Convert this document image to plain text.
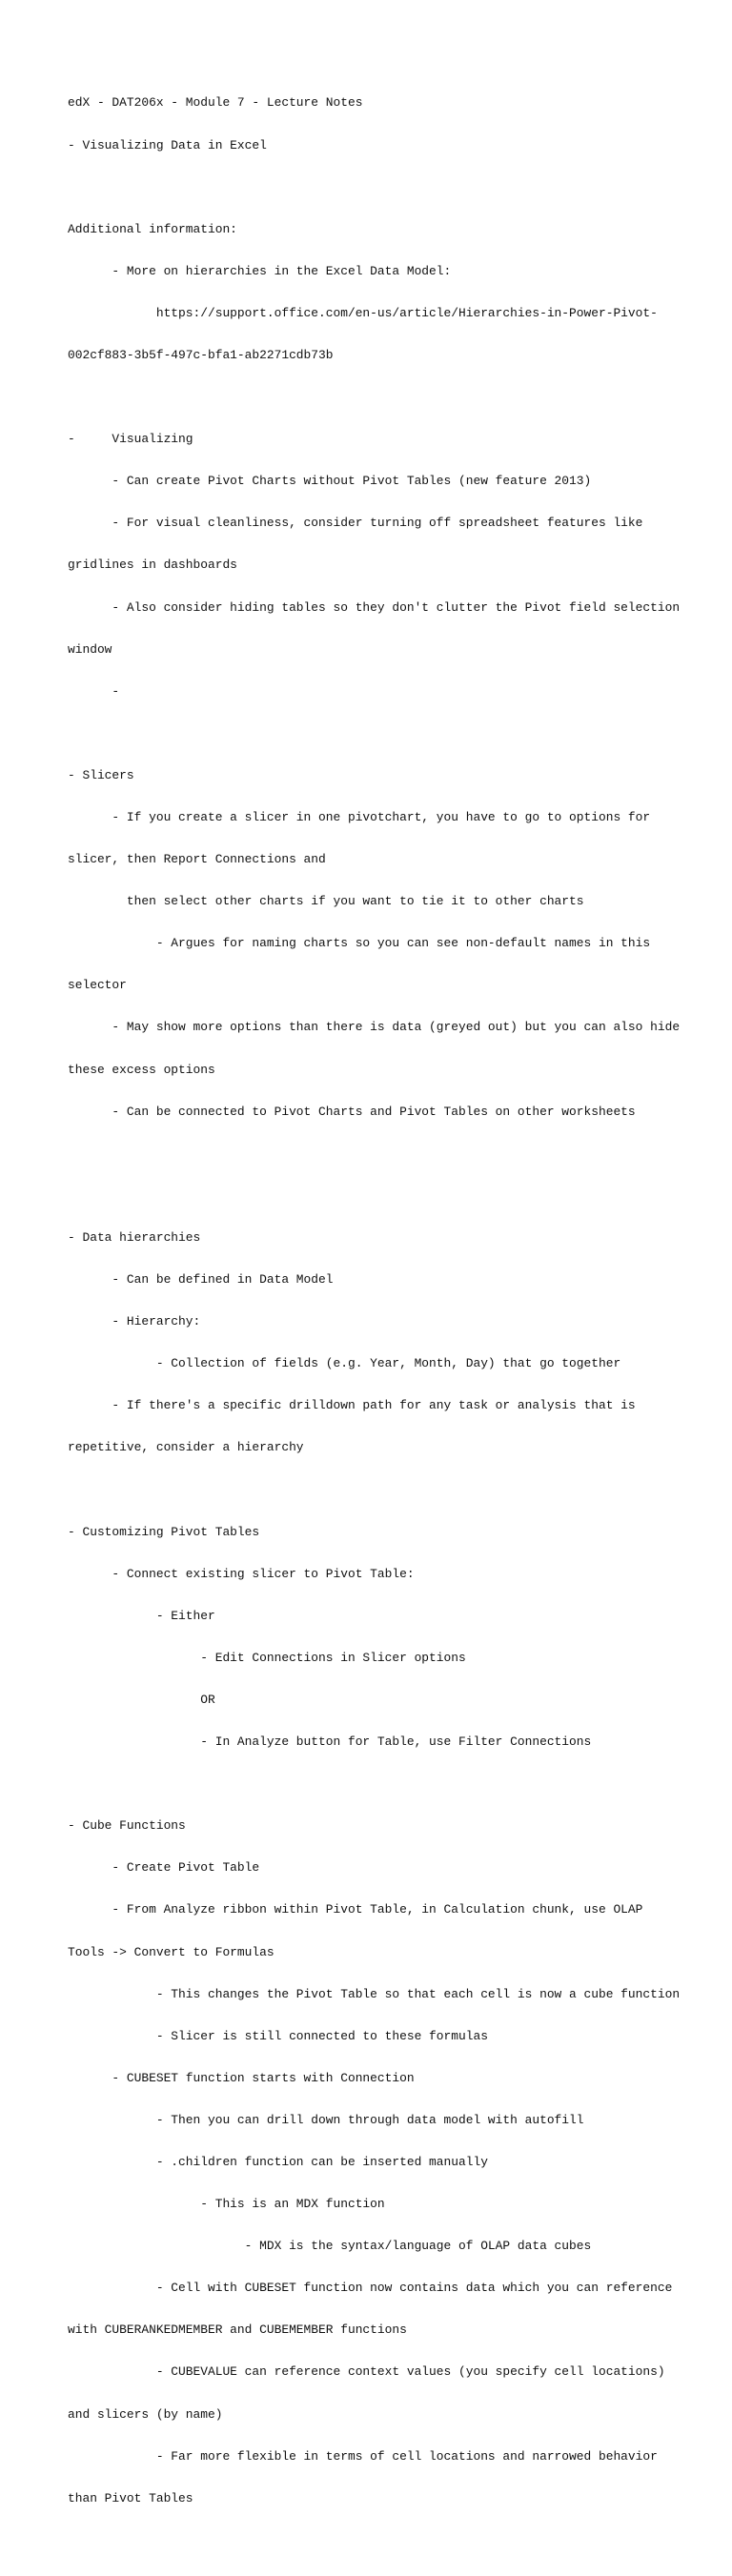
edX - DAT206x - Module 7 - Lecture Notes

- Visualizing Data in Excel

Additional information:

- More on hierarchies in the Excel Data Model:

https://support.office.com/en-us/article/Hierarchies-in-Power-Pivot-

002cf883-3b5f-497c-bfa1-ab2271cdb73b

-     Visualizing

- Can create Pivot Charts without Pivot Tables (new feature 2013)

- For visual cleanliness, consider turning off spreadsheet features like

gridlines in dashboards

- Also consider hiding tables so they don't clutter the Pivot field selection

window

-

- Slicers

- If you create a slicer in one pivotchart, you have to go to options for

slicer, then Report Connections and

then select other charts if you want to tie it to other charts

- Argues for naming charts so you can see non-default names in this

selector

- May show more options than there is data (greyed out) but you can also hide

these excess options

- Can be connected to Pivot Charts and Pivot Tables on other worksheets

- Data hierarchies

- Can be defined in Data Model

- Hierarchy:

- Collection of fields (e.g. Year, Month, Day) that go together

- If there's a specific drilldown path for any task or analysis that is

repetitive, consider a hierarchy

- Customizing Pivot Tables

- Connect existing slicer to Pivot Table:

- Either

- Edit Connections in Slicer options

OR

- In Analyze button for Table, use Filter Connections

- Cube Functions

- Create Pivot Table

- From Analyze ribbon within Pivot Table, in Calculation chunk, use OLAP

Tools -> Convert to Formulas

- This changes the Pivot Table so that each cell is now a cube function

- Slicer is still connected to these formulas

- CUBESET function starts with Connection

- Then you can drill down through data model with autofill

- .children function can be inserted manually

- This is an MDX function

- MDX is the syntax/language of OLAP data cubes

- Cell with CUBESET function now contains data which you can reference

with CUBERANKEDMEMBER and CUBEMEMBER functions

- CUBEVALUE can reference context values (you specify cell locations)

and slicers (by name)

- Far more flexible in terms of cell locations and narrowed behavior

than Pivot Tables
